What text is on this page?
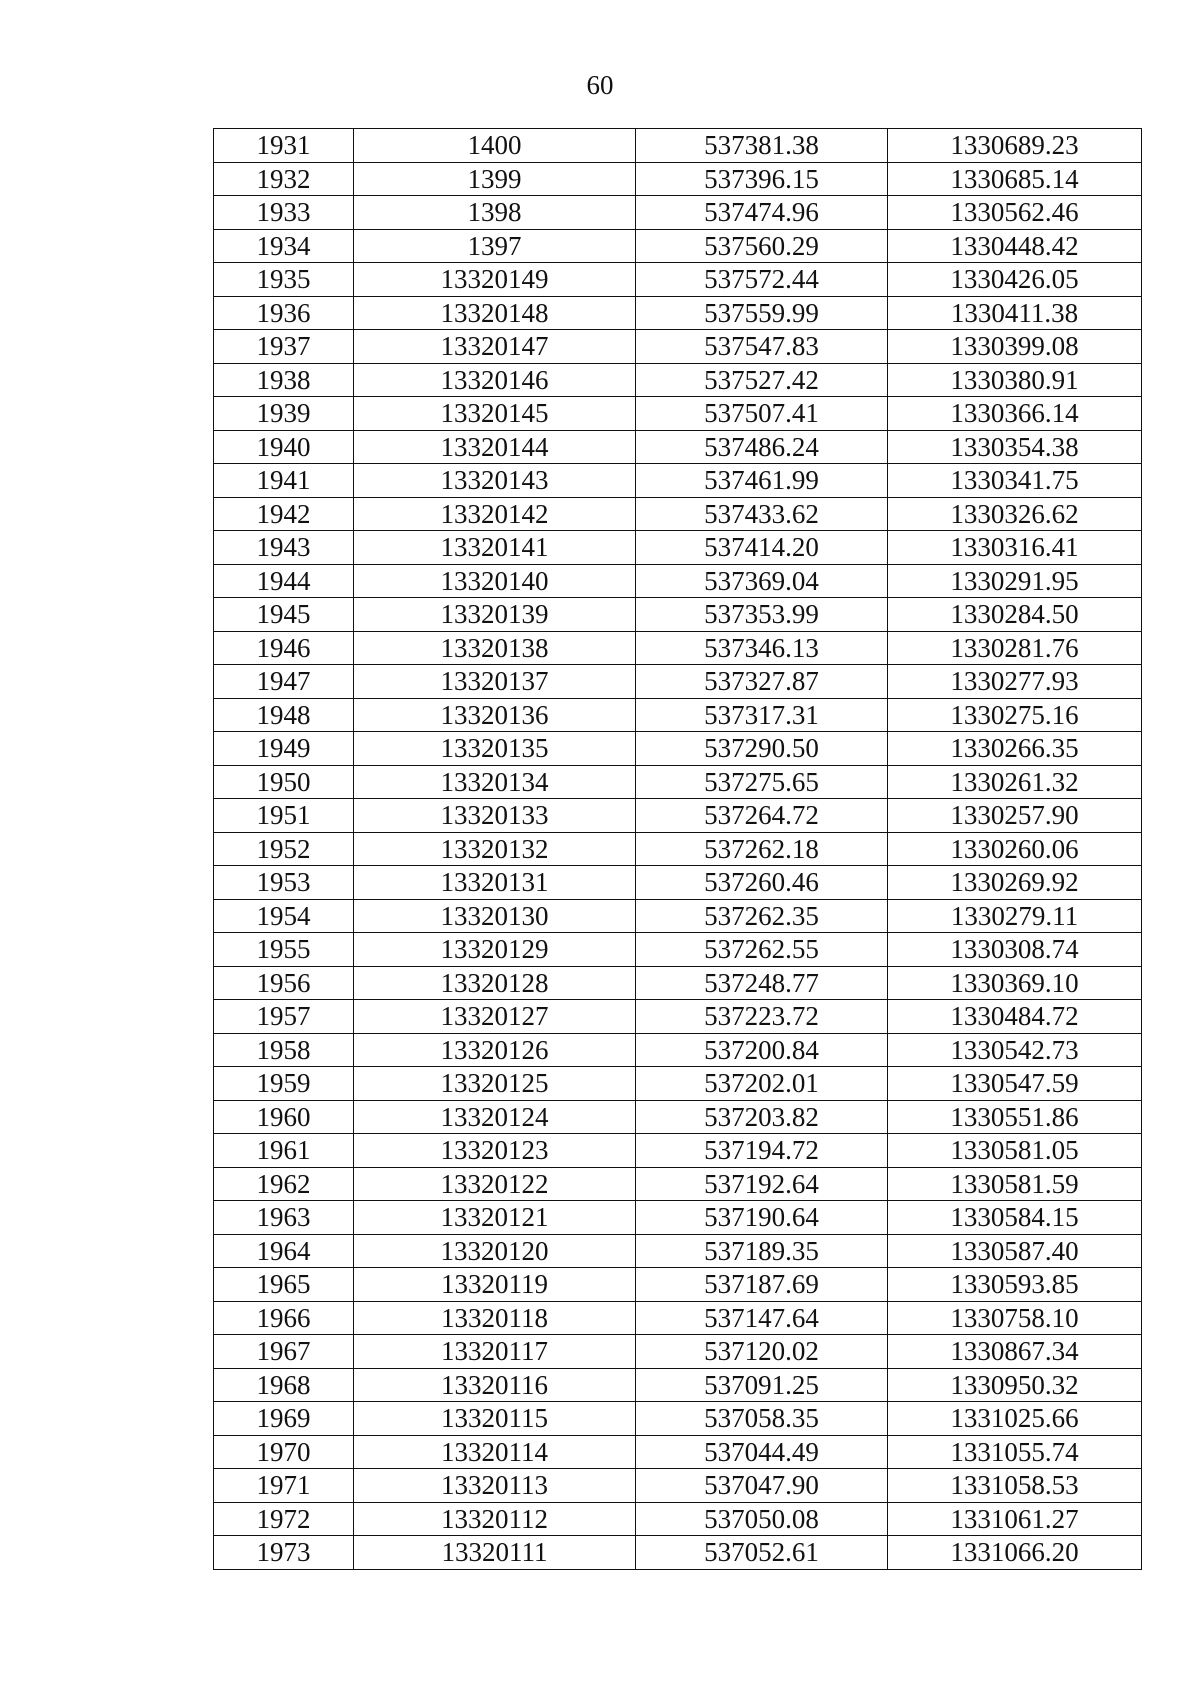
60
1931	1400	537381.38	1330689.23
1932	1399	537396.15	1330685.14
1933	1398	537474.96	1330562.46
1934	1397	537560.29	1330448.42
1935	13320149	537572.44	1330426.05
1936	13320148	537559.99	1330411.38
1937	13320147	537547.83	1330399.08
1938	13320146	537527.42	1330380.91
1939	13320145	537507.41	1330366.14
1940	13320144	537486.24	1330354.38
1941	13320143	537461.99	1330341.75
1942	13320142	537433.62	1330326.62
1943	13320141	537414.20	1330316.41
1944	13320140	537369.04	1330291.95
1945	13320139	537353.99	1330284.50
1946	13320138	537346.13	1330281.76
1947	13320137	537327.87	1330277.93
1948	13320136	537317.31	1330275.16
1949	13320135	537290.50	1330266.35
1950	13320134	537275.65	1330261.32
1951	13320133	537264.72	1330257.90
1952	13320132	537262.18	1330260.06
1953	13320131	537260.46	1330269.92
1954	13320130	537262.35	1330279.11
1955	13320129	537262.55	1330308.74
1956	13320128	537248.77	1330369.10
1957	13320127	537223.72	1330484.72
1958	13320126	537200.84	1330542.73
1959	13320125	537202.01	1330547.59
1960	13320124	537203.82	1330551.86
1961	13320123	537194.72	1330581.05
1962	13320122	537192.64	1330581.59
1963	13320121	537190.64	1330584.15
1964	13320120	537189.35	1330587.40
1965	13320119	537187.69	1330593.85
1966	13320118	537147.64	1330758.10
1967	13320117	537120.02	1330867.34
1968	13320116	537091.25	1330950.32
1969	13320115	537058.35	1331025.66
1970	13320114	537044.49	1331055.74
1971	13320113	537047.90	1331058.53
1972	13320112	537050.08	1331061.27
1973	13320111	537052.61	1331066.20
